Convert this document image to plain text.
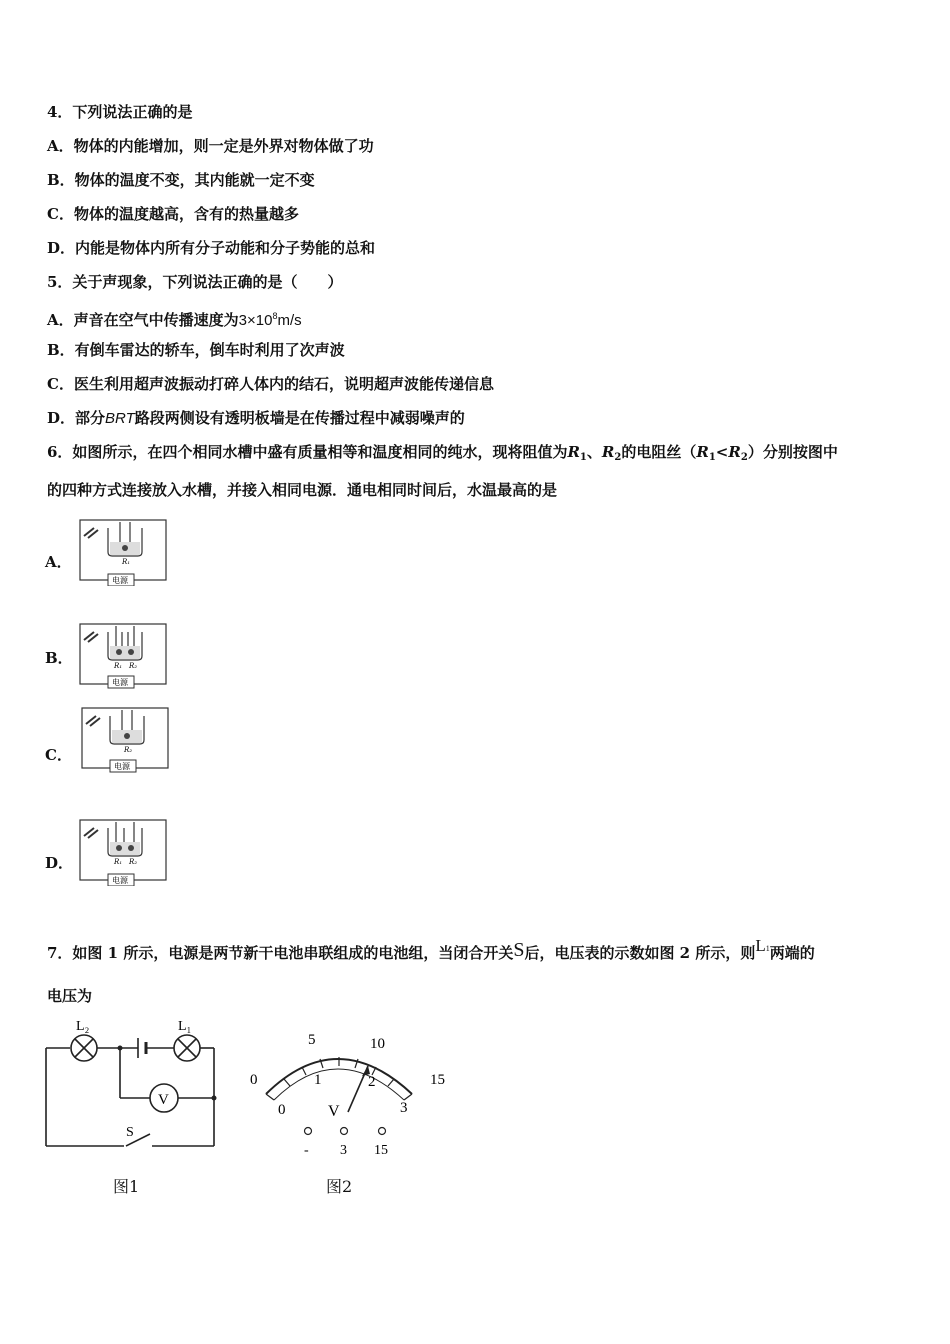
4．下列说法正确的是
A．物体的内能增加，则一定是外界对物体做了功
B．物体的温度不变，其内能就一定不变
C．物体的温度越高，含有的热量越多
D．内能是物体内所有分子动能和分子势能的总和
5．关于声现象，下列说法正确的是（　　）
A．声音在空气中传播速度为$3\times 10^8m/s$
B．有倒车雷达的轿车，倒车时利用了次声波
C．医生利用超声波振动打碎人体内的结石，说明超声波能传递信息
D．部分BRT路段两侧设有透明板墙是在传播过程中减弱噪声的
6．如图所示，在四个相同水槽中盛有质量相等和温度相同的纯水，现将阻值为$R_1$、$R_2$的电阻丝$(R_1<R_2)$分别按图中
的四种方式连接放入水槽，并接入相同电源．通电相同时间后，水温最高的是
A．
B．
C．
D．
R₁
电源
R₁ R₂
电源
R₂
电源
R₁ R₂
电源
7．如图 1 所示，电源是两节新干电池串联组成的电池组，当闭合开关S后，电压表的示数如图 2 所示，则$L^1$两端的
电压为
V
L₂	L₁
S
图1
0
5	10
15
0
1	2
3
V
- 3 15
图2
